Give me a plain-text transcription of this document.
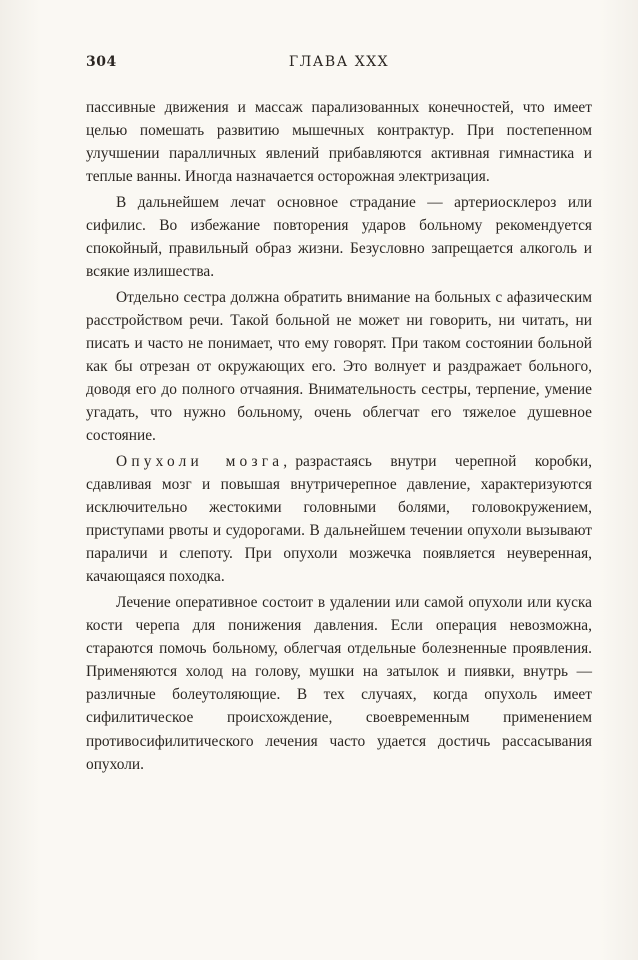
304	ГЛАВА XXX

пассивные движения и массаж парализованных конечностей, что имеет целью помешать развитию мышечных контрактур. При постепенном улучшении паралличных явлений прибавляются активная гимнастика и теплые ванны. Иногда назначается осторожная электризация.

В дальнейшем лечат основное страдание — артериосклероз или сифилис. Во избежание повторения ударов больному рекомендуется спокойный, правильный образ жизни. Безусловно запрещается алкоголь и всякие излишества.

Отдельно сестра должна обратить внимание на больных с афазическим расстройством речи. Такой больной не может ни говорить, ни читать, ни писать и часто не понимает, что ему говорят. При таком состоянии больной как бы отрезан от окружающих его. Это волнует и раздражает больного, доводя его до полного отчаяния. Внимательность сестры, терпение, умение угадать, что нужно больному, очень облегчат его тяжелое душевное состояние.

Опухоли мозга, разрастаясь внутри черепной коробки, сдавливая мозг и повышая внутричерепное давление, характеризуются исключительно жестокими головными болями, головокружением, приступами рвоты и судорогами. В дальнейшем течении опухоли вызывают параличи и слепоту. При опухоли мозжечка появляется неуверенная, качающаяся походка.

Лечение оперативное состоит в удалении или самой опухоли или куска кости черепа для понижения давления. Если операция невозможна, стараются помочь больному, облегчая отдельные болезненные проявления. Применяются холод на голову, мушки на затылок и пиявки, внутрь — различные болеутоляющие. В тех случаях, когда опухоль имеет сифилитическое происхождение, своевременным применением противосифилитического лечения часто удается достичь рассасывания опухоли.
